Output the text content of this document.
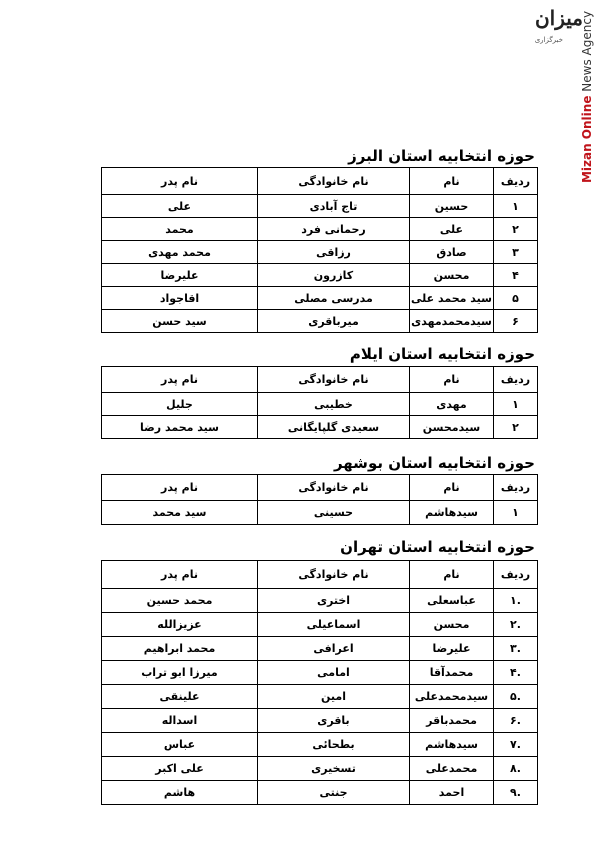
میزان
خبرگزاری
Mizan Online News Agency
حوزه انتخابیه استان البرز
ردیف	نام	نام خانوادگی	نام پدر
۱	حسین	تاج آبادی	علی
۲	علی	رحمانی فرد	محمد
۳	صادق	رزاقی	محمد مهدی
۴	محسن	کازرون	علیرضا
۵	سید محمد علی	مدرسی مصلی	اقاجواد
۶	سیدمحمدمهدی	میرباقری	سید حسن
حوزه انتخابیه استان ایلام
ردیف	نام	نام خانوادگی	نام پدر
۱	مهدی	خطیبی	جلیل
۲	سیدمحسن	سعیدی گلپایگانی	سید محمد رضا
حوزه انتخابیه استان بوشهر
ردیف	نام	نام خانوادگی	نام پدر
۱	سیدهاشم	حسینی	سید محمد
حوزه انتخابیه استان تهران
ردیف	نام	نام خانوادگی	نام پدر
.۱	عباسعلی	اختری	محمد حسین
.۲	محسن	اسماعیلی	عزیزالله
.۳	علیرضا	اعرافی	محمد ابراهیم
.۴	محمدآقا	امامی	میرزا ابو تراب
.۵	سیدمحمدعلی	امین	علینقی
.۶	محمدباقر	باقری	اسداله
.۷	سیدهاشم	بطحائی	عباس
.۸	محمدعلی	تسخیری	علی اکبر
.۹	احمد	جنتی	هاشم
